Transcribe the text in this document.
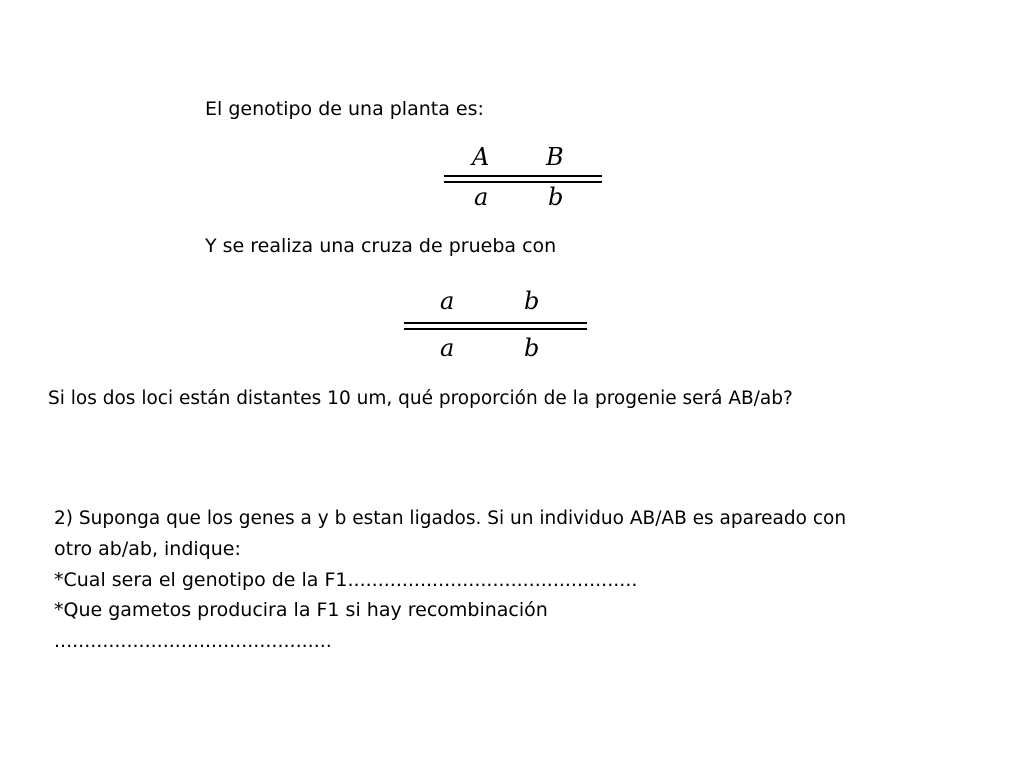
El genotipo de una planta es:

A B
a b

Y se realiza una cruza de prueba con

a	b
a	b

Si los dos loci están distantes 10 um, qué proporción de la progenie será AB/ab?

2) Suponga que los genes a y b estan ligados. Si un individuo AB/AB es apareado con

otro ab/ab, indique:

*Cual sera el genotipo de la F1................................................

*Que gametos producira la F1 si hay recombinación

..............................................
